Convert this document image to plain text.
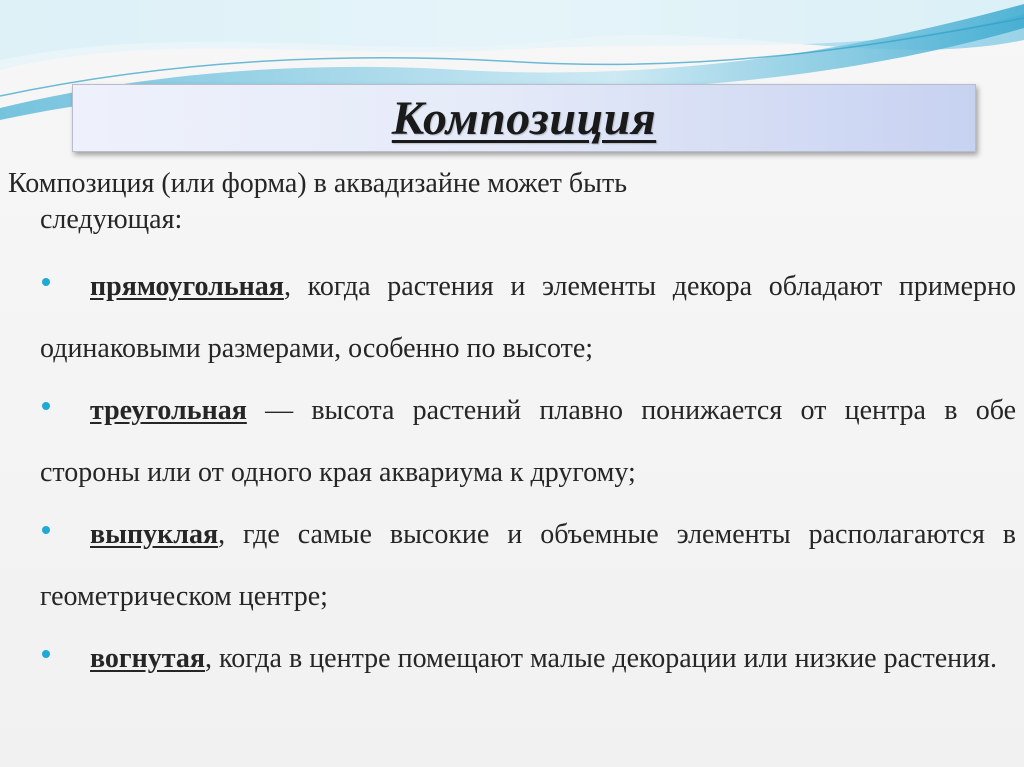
Композиция
Композиция (или форма) в аквадизайне может быть
следующая:
прямоугольная, когда растения и элементы декора обладают примерно одинаковыми размерами, особенно по высоте;
треугольная — высота растений плавно понижается от центра в обе стороны или от одного края аквариума к другому;
выпуклая, где самые высокие и объемные элементы располагаются в геометрическом центре;
вогнутая, когда в центре помещают малые декорации или низкие растения.
